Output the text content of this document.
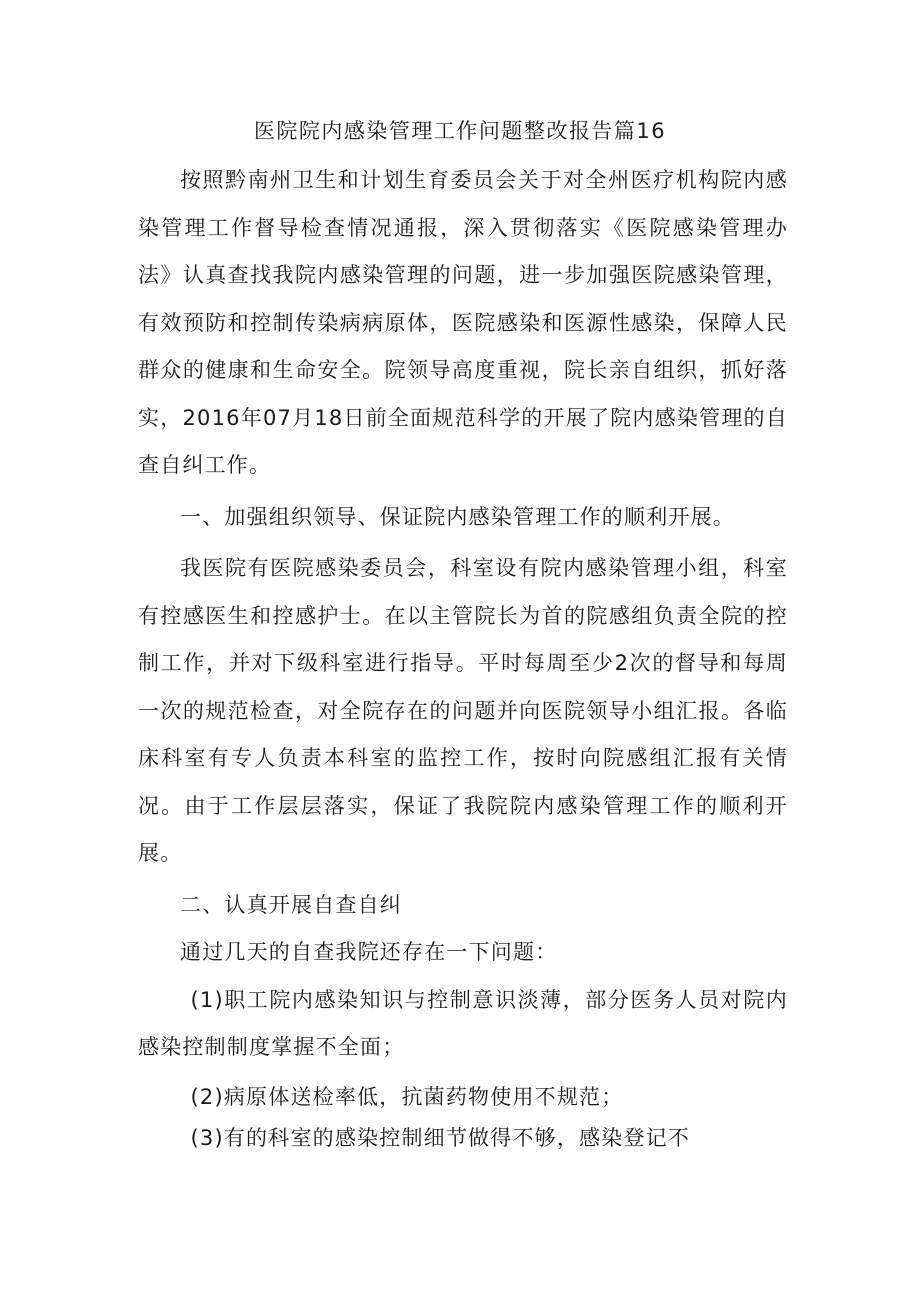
医院院内感染管理工作问题整改报告篇16

按照黔南州卫生和计划生育委员会关于对全州医疗机构院内感染管理工作督导检查情况通报，深入贯彻落实《医院感染管理办法》认真查找我院内感染管理的问题，进一步加强医院感染管理，有效预防和控制传染病病原体，医院感染和医源性感染，保障人民群众的健康和生命安全。院领导高度重视，院长亲自组织，抓好落实，2016年07月18日前全面规范科学的开展了院内感染管理的自查自纠工作。

一、加强组织领导、保证院内感染管理工作的顺利开展。

我医院有医院感染委员会，科室设有院内感染管理小组，科室有控感医生和控感护士。在以主管院长为首的院感组负责全院的控制工作，并对下级科室进行指导。平时每周至少2次的督导和每周一次的规范检查，对全院存在的问题并向医院领导小组汇报。各临床科室有专人负责本科室的监控工作，按时向院感组汇报有关情况。由于工作层层落实，保证了我院院内感染管理工作的顺利开展。

二、认真开展自查自纠

通过几天的自查我院还存在一下问题：

(1)职工院内感染知识与控制意识淡薄，部分医务人员对院内感染控制制度掌握不全面；

(2)病原体送检率低，抗菌药物使用不规范；

(3)有的科室的感染控制细节做得不够，感染登记不
